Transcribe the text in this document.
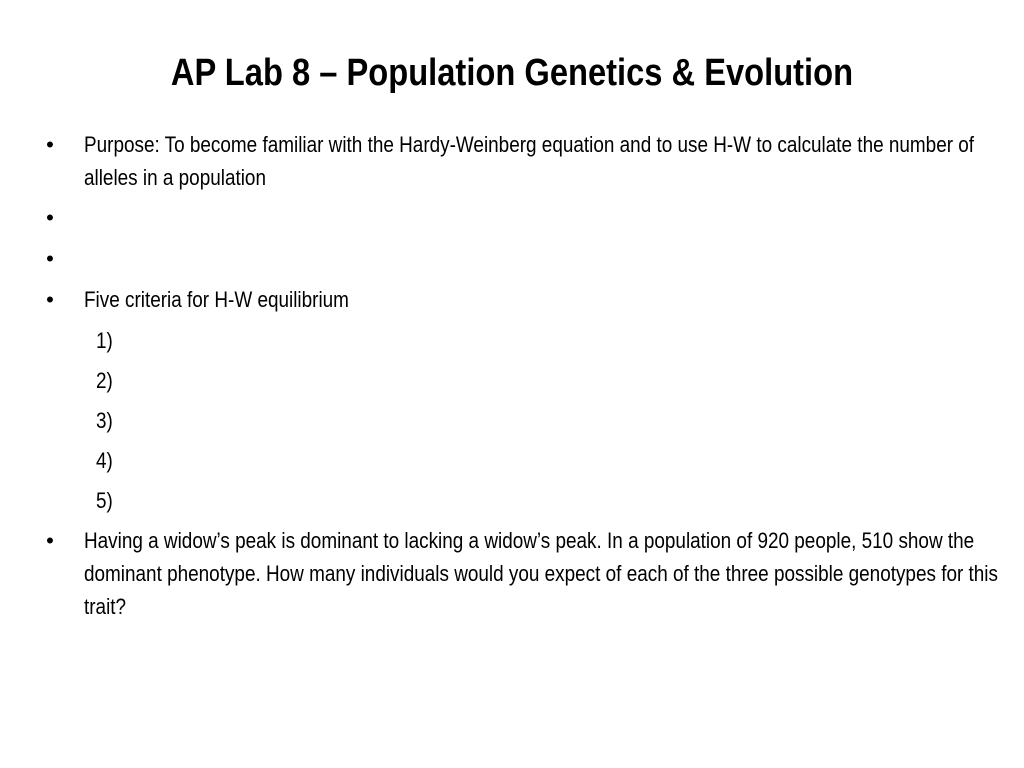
AP Lab 8 – Population Genetics & Evolution
• Purpose: To become familiar with the Hardy-Weinberg equation and to use H-W to calculate the number of alleles in a population
•
•
• Five criteria for H-W equilibrium
1)
2)
3)
4)
5)
• Having a widow’s peak is dominant to lacking a widow’s peak. In a population of 920 people, 510 show the dominant phenotype. How many individuals would you expect of each of the three possible genotypes for this trait?
